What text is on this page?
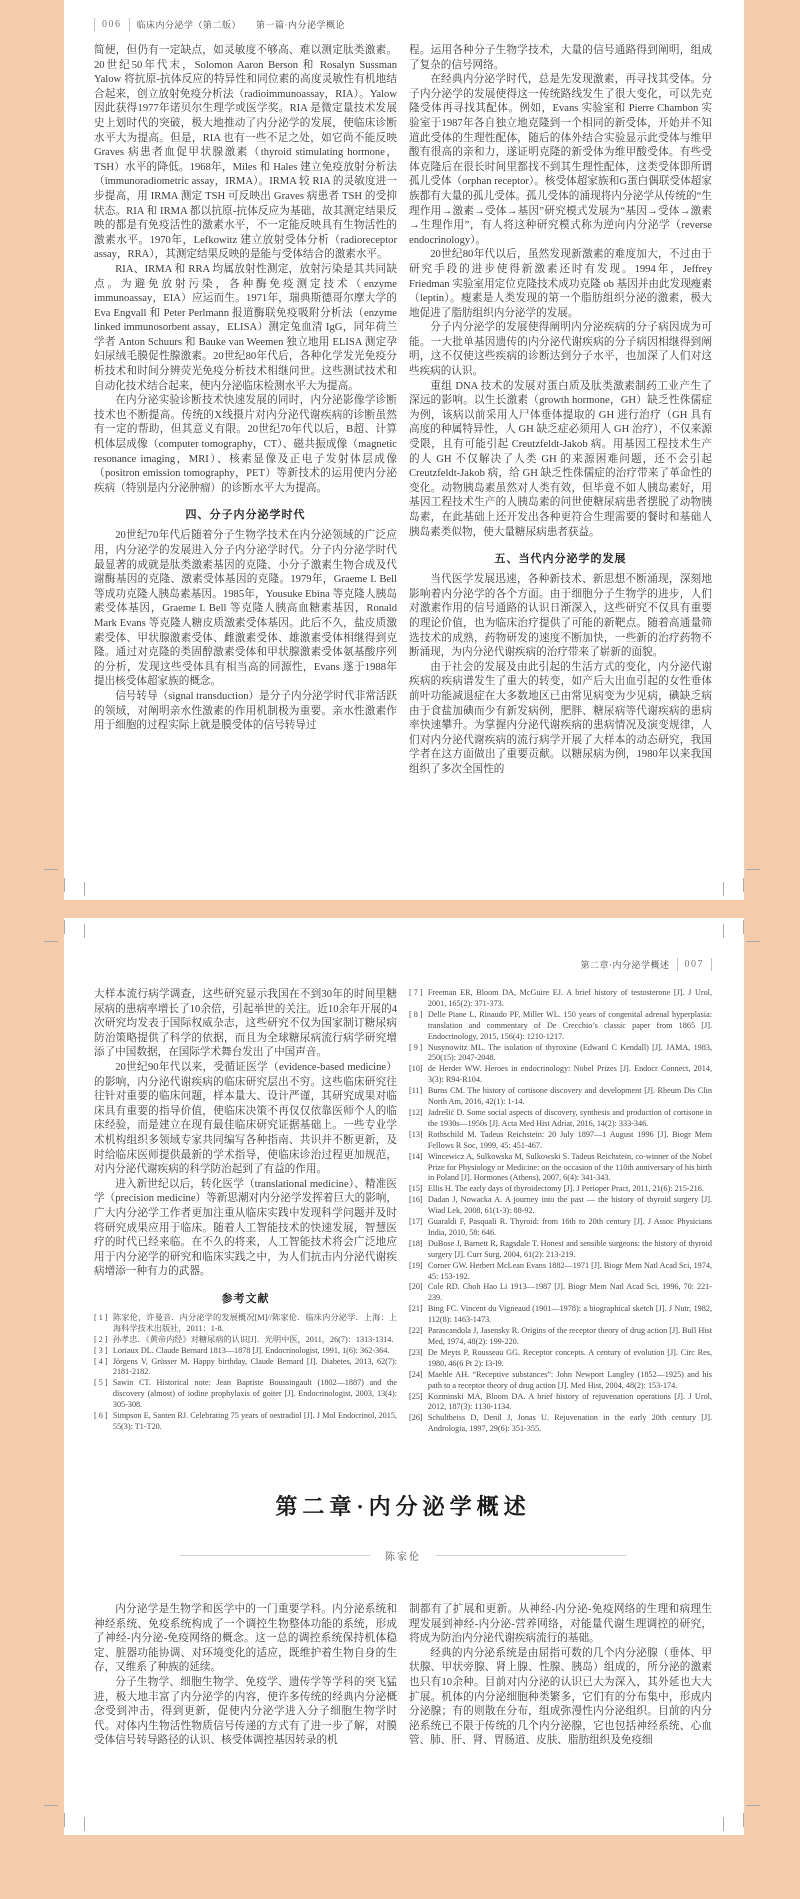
006 临床内分泌学（第二版） 第一篇·内分泌学概论

简便，但仍有一定缺点，如灵敏度不够高、难以测定肽类激素。20世纪50年代末，Solomon Aaron Berson 和 Rosalyn Sussman Yalow 将抗原-抗体反应的特异性和同位素的高度灵敏性有机地结合起来，创立放射免疫分析法（radioimmunoassay，RIA）。Yalow 因此获得1977年诺贝尔生理学或医学奖。RIA 是微定量技术发展史上划时代的突破，极大地推动了内分泌学的发展，使临床诊断水平大为提高。但是，RIA 也有一些不足之处，如它尚不能反映 Graves 病患者血促甲状腺激素（thyroid stimulating hormone，TSH）水平的降低。1968年，Miles 和 Hales 建立免疫放射分析法（immunoradiometric assay，IRMA）。IRMA 较 RIA 的灵敏度进一步提高，用 IRMA 测定 TSH 可反映出 Graves 病患者 TSH 的受抑状态。RIA 和 IRMA 都以抗原-抗体反应为基础，故其测定结果反映的都是有免疫活性的激素水平，不一定能反映具有生物活性的激素水平。1970年，Lefkowitz 建立放射受体分析（radioreceptor assay，RRA），其测定结果反映的是能与受体结合的激素水平。

RIA、IRMA 和 RRA 均属放射性测定，放射污染是其共同缺点。为避免放射污染，各种酶免疫测定技术（enzyme immunoassay，EIA）应运而生。1971年，瑞典斯德哥尔摩大学的 Eva Engvall 和 Peter Perlmann 报道酶联免疫吸附分析法（enzyme linked immunosorbent assay，ELISA）测定兔血清 IgG，同年荷兰学者 Anton Schuurs 和 Bauke van Weemen 独立地用 ELISA 测定孕妇尿绒毛膜促性腺激素。20世纪80年代后，各种化学发光免疫分析技术和时间分辨荧光免疫分析技术相继问世。这些测试技术和自动化技术结合起来，使内分泌临床检测水平大为提高。

在内分泌实验诊断技术快速发展的同时，内分泌影像学诊断技术也不断提高。传统的X线摄片对内分泌代谢疾病的诊断虽然有一定的帮助，但其意义有限。20世纪70年代以后，B超、计算机体层成像（computer tomography，CT）、磁共振成像（magnetic resonance imaging，MRI）、核素显像及正电子发射体层成像（positron emission tomography，PET）等新技术的运用使内分泌疾病（特别是内分泌肿瘤）的诊断水平大为提高。

四、分子内分泌学时代

20世纪70年代后随着分子生物学技术在内分泌领域的广泛应用，内分泌学的发展进入分子内分泌学时代。分子内分泌学时代最显著的成就是肽类激素基因的克隆、小分子激素生物合成及代谢酶基因的克隆、激素受体基因的克隆。1979年，Graeme I. Bell 等成功克隆人胰岛素基因。1985年，Yousuke Ebina 等克隆人胰岛素受体基因，Graeme I. Bell 等克隆人胰高血糖素基因，Ronald Mark Evans 等克隆人糖皮质激素受体基因。此后不久，盐皮质激素受体、甲状腺激素受体、雌激素受体、雄激素受体相继得到克隆。通过对克隆的类固醇激素受体和甲状腺激素受体氨基酸序列的分析，发现这些受体具有相当高的同源性，Evans 遂于1988年提出核受体超家族的概念。

信号转导（signal transduction）是分子内分泌学时代非常活跃的领域，对阐明亲水性激素的作用机制极为重要。亲水性激素作用于细胞的过程实际上就是膜受体的信号转导过

程。运用各种分子生物学技术，大量的信号通路得到阐明，组成了复杂的信号网络。

在经典内分泌学时代，总是先发现激素，再寻找其受体。分子内分泌学的发展使得这一传统路线发生了很大变化，可以先克隆受体再寻找其配体。例如，Evans 实验室和 Pierre Chambon 实验室于1987年各自独立地克隆到一个相同的新受体，开始并不知道此受体的生理性配体，随后的体外结合实验显示此受体与维甲酸有很高的亲和力，遂证明克隆的新受体为维甲酸受体。有些受体克隆后在很长时间里都找不到其生理性配体，这类受体即所谓孤儿受体（orphan receptor）。核受体超家族和G蛋白偶联受体超家族都有大量的孤儿受体。孤儿受体的涌现将内分泌学从传统的“生理作用→激素→受体→基因”研究模式发展为“基因→受体→激素→生理作用”，有人将这种研究模式称为逆向内分泌学（reverse endocrinology）。

20世纪80年代以后，虽然发现新激素的难度加大，不过由于研究手段的进步使得新激素还时有发现。1994年，Jeffrey Friedman 实验室用定位克隆技术成功克隆 ob 基因并由此发现瘦素（leptin）。瘦素是人类发现的第一个脂肪组织分泌的激素，极大地促进了脂肪组织内分泌学的发展。

分子内分泌学的发展使得阐明内分泌疾病的分子病因成为可能。一大批单基因遗传的内分泌代谢疾病的分子病因相继得到阐明，这不仅使这些疾病的诊断达到分子水平，也加深了人们对这些疾病的认识。

重组 DNA 技术的发展对蛋白质及肽类激素制药工业产生了深远的影响。以生长激素（growth hormone，GH）缺乏性侏儒症为例，该病以前采用人尸体垂体提取的 GH 进行治疗（GH 具有高度的种属特异性，人 GH 缺乏症必须用人 GH 治疗），不仅来源受限，且有可能引起 Creutzfeldt-Jakob 病。用基因工程技术生产的人 GH 不仅解决了人类 GH 的来源困难问题，还不会引起 Creutzfeldt-Jakob 病，给 GH 缺乏性侏儒症的治疗带来了革命性的变化。动物胰岛素虽然对人类有效，但毕竟不如人胰岛素好，用基因工程技术生产的人胰岛素的问世使糖尿病患者摆脱了动物胰岛素，在此基础上还开发出各种更符合生理需要的餐时和基础人胰岛素类似物，使大量糖尿病患者获益。

五、当代内分泌学的发展

当代医学发展迅速，各种新技术、新思想不断涌现，深刻地影响着内分泌学的各个方面。由于细胞分子生物学的进步，人们对激素作用的信号通路的认识日渐深入，这些研究不仅具有重要的理论价值，也为临床治疗提供了可能的新靶点。随着高通量筛选技术的成熟，药物研发的速度不断加快，一些新的治疗药物不断涌现，为内分泌代谢疾病的治疗带来了崭新的面貌。

由于社会的发展及由此引起的生活方式的变化，内分泌代谢疾病的疾病谱发生了重大的转变，如产后大出血引起的女性垂体前叶功能减退症在大多数地区已由常见病变为少见病，碘缺乏病由于食盐加碘而少有新发病例，肥胖、糖尿病等代谢疾病的患病率快速攀升。为掌握内分泌代谢疾病的患病情况及演变规律，人们对内分泌代谢疾病的流行病学开展了大样本的动态研究，我国学者在这方面做出了重要贡献。以糖尿病为例，1980年以来我国组织了多次全国性的

第二章·内分泌学概述 007

大样本流行病学调查，这些研究显示我国在不到30年的时间里糖尿病的患病率增长了10余倍，引起举世的关注。近10余年开展的4次研究均发表于国际权威杂志，这些研究不仅为国家制订糖尿病防治策略提供了科学的依据，而且为全球糖尿病流行病学研究增添了中国数据，在国际学术舞台发出了中国声音。

20世纪90年代以来，受循证医学（evidence-based medicine）的影响，内分泌代谢疾病的临床研究层出不穷。这些临床研究往往针对重要的临床问题，样本量大、设计严谨，其研究成果对临床具有重要的指导价值，使临床决策不再仅仅依靠医师个人的临床经验，而是建立在现有最佳临床研究证据基础上。一些专业学术机构组织多领域专家共同编写各种指南、共识并不断更新，及时给临床医师提供最新的学术指导，使临床诊治过程更加规范，对内分泌代谢疾病的科学防治起到了有益的作用。

进入新世纪以后，转化医学（translational medicine）、精准医学（precision medicine）等新思潮对内分泌学发挥着巨大的影响，广大内分泌学工作者更加注重从临床实践中发现科学问题并及时将研究成果应用于临床。随着人工智能技术的快速发展，智慧医疗的时代已经来临。在不久的将来，人工智能技术将会广泛地应用于内分泌学的研究和临床实践之中，为人们抗击内分泌代谢疾病增添一种有力的武器。

参考文献

[ 1 ] 陈家伦，许曼音．内分泌学的发展概况[M]//陈家伦．临床内分泌学．上海：上海科学技术出版社，2011：1-8.

[ 2 ] 孙孝忠．《黄帝内经》对糖尿病的认识[J]．光明中医，2011，26(7)：1313-1314.

[ 3 ] Loriaux DL. Claude Bernard 1813—1878 [J]. Endocrinologist, 1991, 1(6): 362-364.

[ 4 ] Jörgens V, Grüsser M. Happy birthday, Claude Bernard [J]. Diabetes, 2013, 62(7): 2181-2182.

[ 5 ] Sawin CT. Historical note: Jean Baptiste Boussingault (1802—1887) and the discovery (almost) of iodine prophylaxis of goiter [J]. Endocrinologist, 2003, 13(4): 305-308.

[ 6 ] Simpson E, Santen RJ. Celebrating 75 years of oestradiol [J]. J Mol Endocrinol, 2015, 55(3): T1-T20.

[ 7 ] Freeman ER, Bloom DA, McGuire EJ. A brief history of testosterone [J]. J Urol, 2001, 165(2): 371-373.

[ 8 ] Delle Piane L, Rinaudo PF, Miller WL. 150 years of congenital adrenal hyperplasia: translation and commentary of De Crecchio’s classic paper from 1865 [J]. Endocrinology, 2015, 156(4): 1210-1217.

[ 9 ] Nusynowitz ML. The isolation of thyroxine (Edward C Kendall) [J]. JAMA, 1983, 250(15): 2047-2048.

[10] de Herder WW. Heroes in endocrinology: Nobel Prizes [J]. Endocr Connect, 2014, 3(3): R94-R104.

[11] Burns CM. The history of cortisone discovery and development [J]. Rheum Dis Clin North Am, 2016, 42(1): 1-14.

[12] Jadrešić D. Some social aspects of discovery, synthesis and production of cortisone in the 1930s—1950s [J]. Acta Med Hist Adriat, 2016, 14(2): 333-346.

[13] Rothschild M. Tadeus Reichstein: 20 July 1897—1 August 1996 [J]. Biogr Mem Fellows R Soc, 1999, 45: 451-467.

[14] Wincewicz A, Sulkowska M, Sulkowski S. Tadeus Reichstein, co-winner of the Nobel Prize for Physiology or Medicine: on the occasion of the 110th anniversary of his birth in Poland [J]. Hormones (Athens), 2007, 6(4): 341-343.

[15] Ellis H. The early days of thyroidectomy [J]. J Perioper Pract, 2011, 21(6): 215-216.

[16] Dadan J, Nowacka A. A journey into the past — the history of thyroid surgery [J]. Wiad Lek, 2008, 61(1-3): 88-92.

[17] Guaraldi F, Pasquali R. Thyroid: from 16th to 20th century [J]. J Assoc Physicians India, 2010, 58: 646.

[18] DuBose J, Barnett R, Ragsdale T. Honest and sensible surgeons: the history of thyroid surgery [J]. Curr Surg, 2004, 61(2): 213-219.

[19] Corner GW. Herbert McLean Evans 1882—1971 [J]. Biogr Mem Natl Acad Sci, 1974, 45: 153-192.

[20] Cole RD. Choh Hao Li 1913—1987 [J]. Biogr Mem Natl Acad Sci, 1996, 70: 221-239.

[21] Bing FC. Vincent du Vigneaud (1901—1978): a biographical sketch [J]. J Nutr, 1982, 112(8): 1463-1473.

[22] Parascandola J, Jasensky R. Origins of the receptor theory of drug action [J]. Bull Hist Med, 1974, 48(2): 199-220.

[23] De Meyts P, Rousseau GG. Receptor concepts. A century of evolution [J]. Circ Res, 1980, 46(6 Pt 2): I3-I9.

[24] Maehle AH. “Receptive substances”: John Newport Langley (1852—1925) and his path to a receptor theory of drug action [J]. Med Hist, 2004, 48(2): 153-174.

[25] Kozminski MA, Bloom DA. A brief history of rejuvenation operations [J]. J Urol, 2012, 187(3): 1130-1134.

[26] Schultheiss D, Denil J, Jonas U. Rejuvenation in the early 20th century [J]. Andrologia, 1997, 29(6): 351-355.

第二章·内分泌学概述
陈家伦

内分泌学是生物学和医学中的一门重要学科。内分泌系统和神经系统、免疫系统构成了一个调控生物整体功能的系统，形成了神经-内分泌-免疫网络的概念。这一总的调控系统保持机体稳定、脏器功能协调、对环境变化的适应，既维护着生物自身的生存，又维系了种族的延续。

分子生物学、细胞生物学、免疫学、遗传学等学科的突飞猛进，极大地丰富了内分泌学的内容，使许多传统的经典内分泌概念受到冲击，得到更新，促使内分泌学进入分子细胞生物学时代。对体内生物活性物质信号传递的方式有了进一步了解，对膜受体信号转导路径的认识、核受体调控基因转录的机

制都有了扩展和更新。从神经-内分泌-免疫网络的生理和病理生理发展到神经-内分泌-营养网络，对能量代谢生理调控的研究，将成为防治内分泌代谢疾病流行的基础。

经典的内分泌系统是由屈指可数的几个内分泌腺（垂体、甲状腺、甲状旁腺、肾上腺、性腺、胰岛）组成的，所分泌的激素也只有10余种。目前对内分泌的认识已大为深入，其外延也大大扩展。机体的内分泌细胞种类繁多，它们有的分布集中，形成内分泌腺；有的则散在分布，组成弥漫性内分泌组织。目前的内分泌系统已不限于传统的几个内分泌腺，它也包括神经系统、心血管、肺、肝、肾、胃肠道、皮肤、脂肪组织及免疫细
